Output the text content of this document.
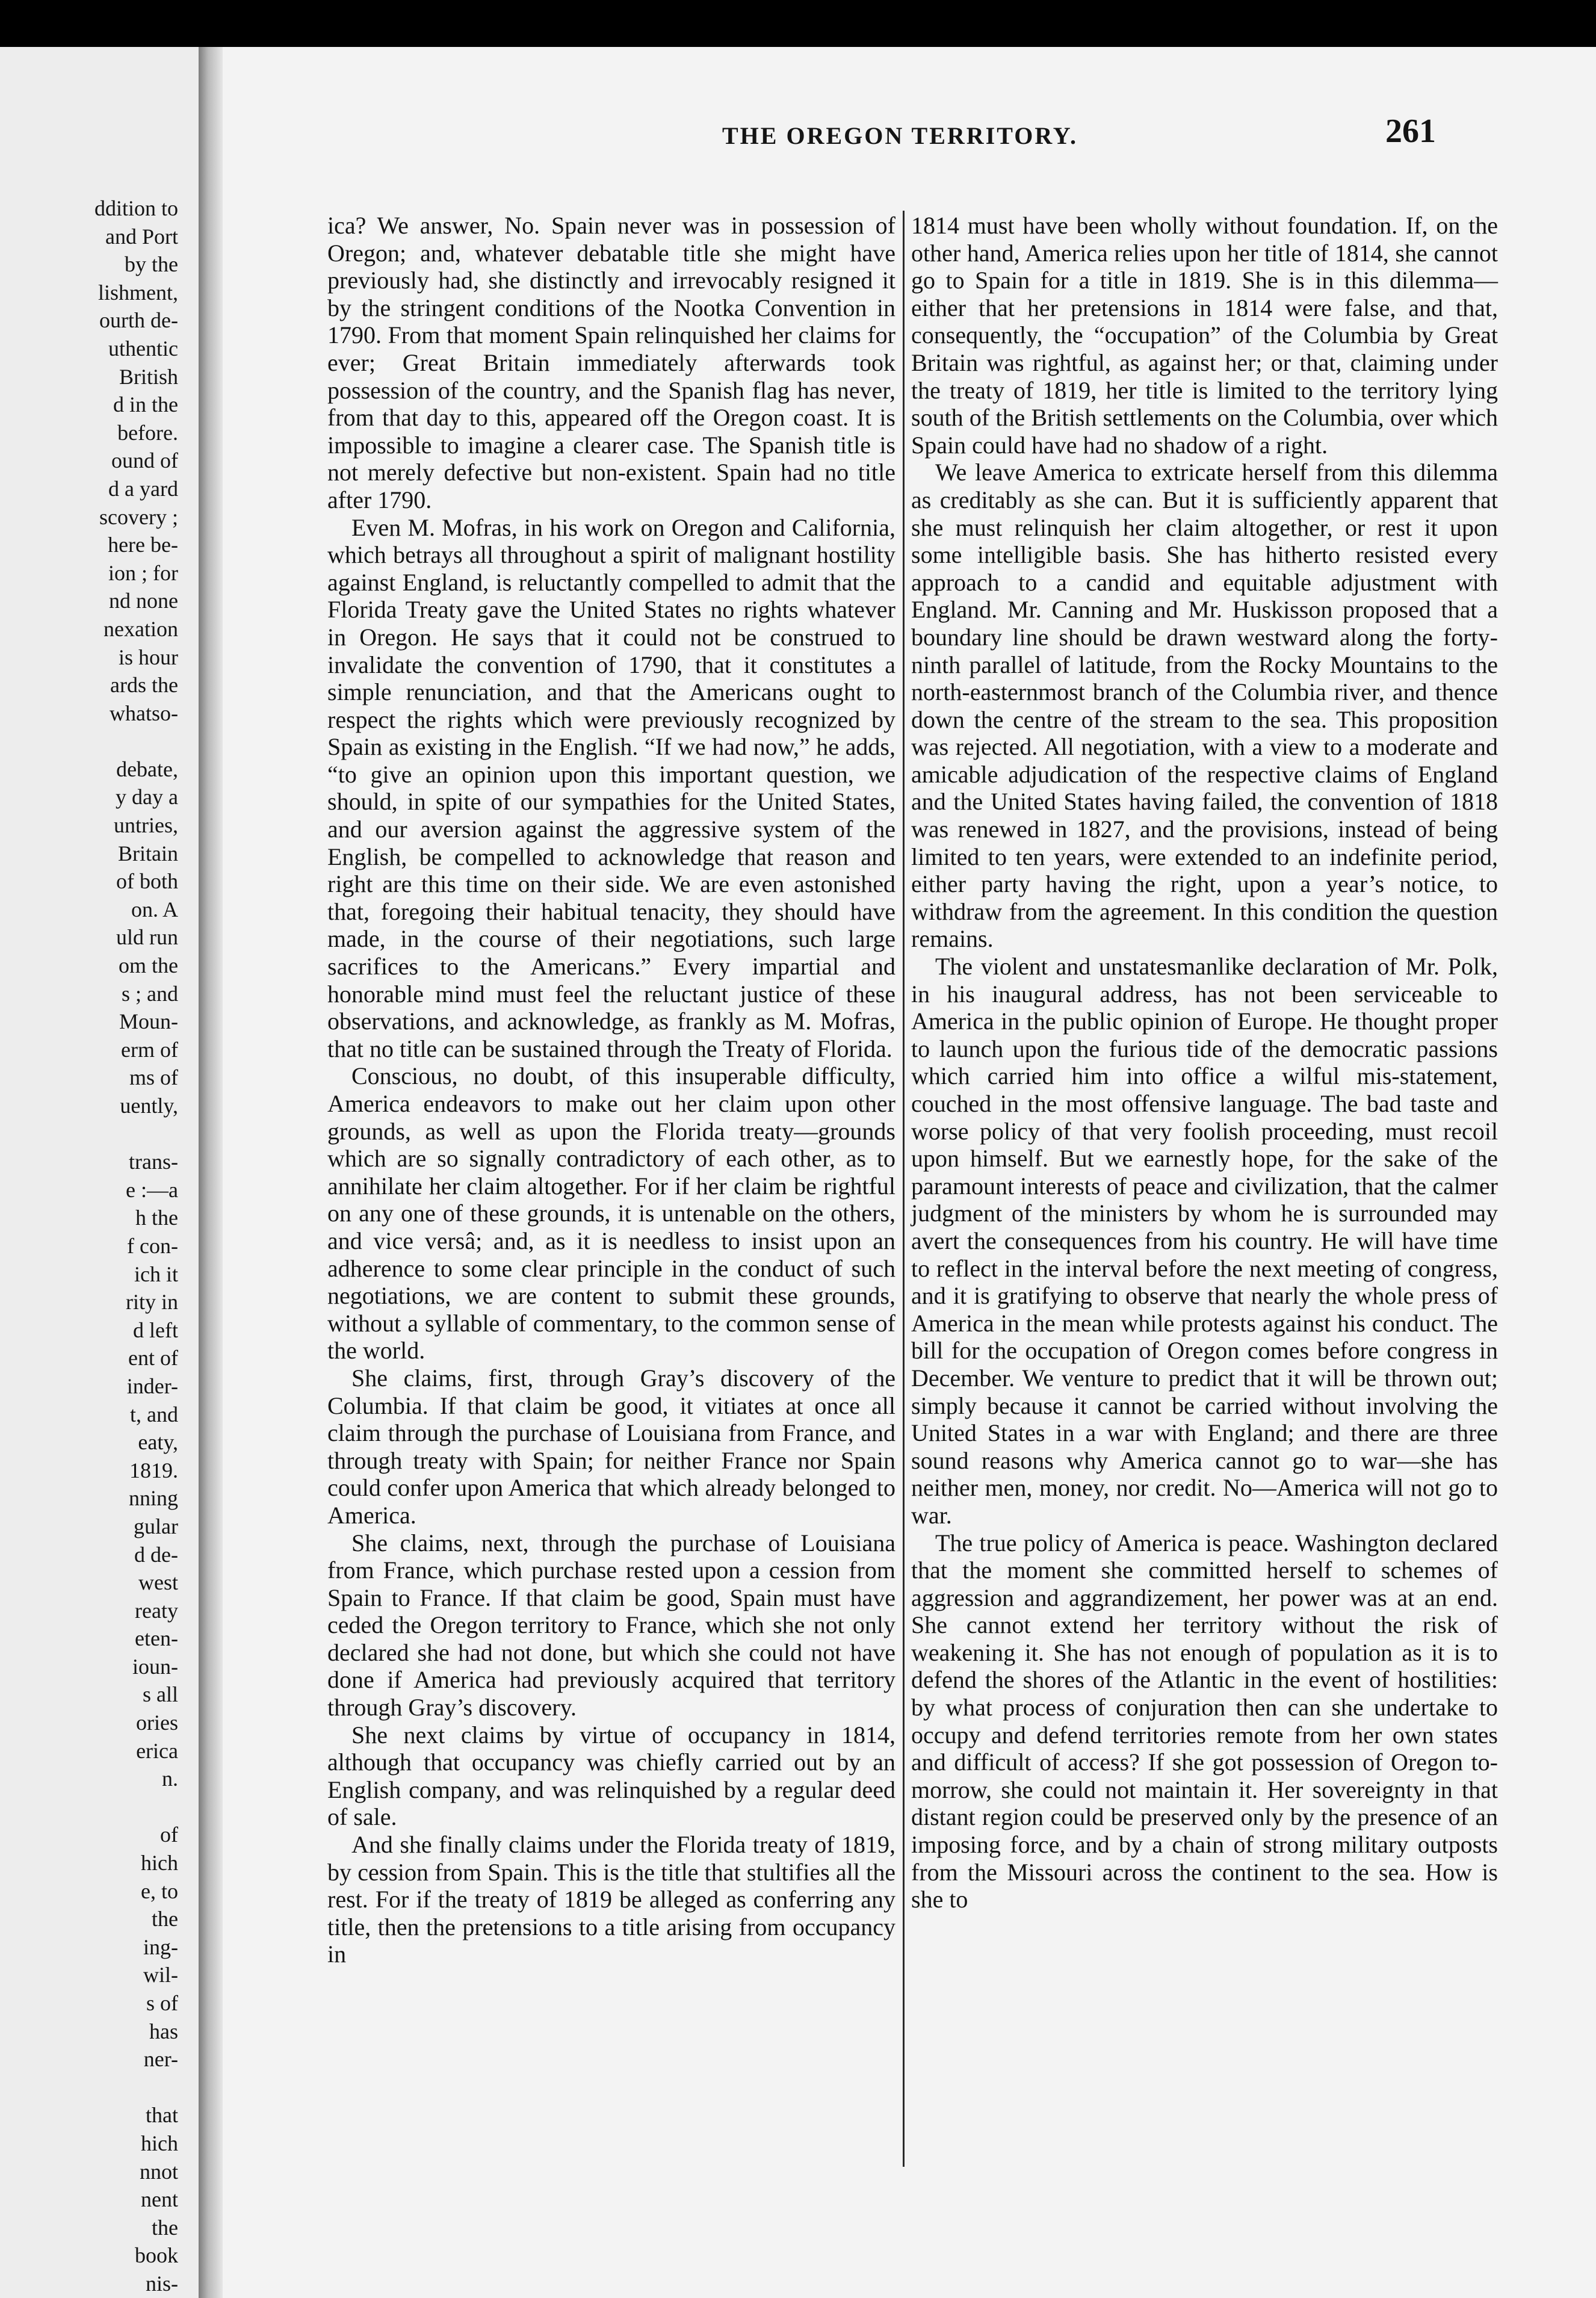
ddition to
and Port
by the
lishment,
ourth de-
uthentic
British
d in the
before.
ound of
d a yard
scovery ;
here be-
ion ; for
nd none
nexation
is hour
ards the
whatso-
debate,
y day a
untries,
Britain
of both
on. A
uld run
om the
s ; and
Moun-
erm of
ms of
uently,
trans-
e :—a
h the
f con-
ich it
rity in
d left
ent of
inder-
t, and
eaty,
1819.
nning
gular
d de-
west
reaty
eten-
ioun-
s all
ories
erica
n.
of
hich
e, to
the
ing-
wil-
s of
has
ner-
that
hich
nnot
nent
the
book
nis-
THE OREGON TERRITORY.	261

ica? We answer, No. Spain never was in possession of Oregon; and, whatever debatable title she might have previously had, she distinctly and irrevocably resigned it by the stringent conditions of the Nootka Convention in 1790. From that moment Spain relinquished her claims for ever; Great Britain immediately afterwards took possession of the country, and the Spanish flag has never, from that day to this, appeared off the Oregon coast. It is impossible to imagine a clearer case. The Spanish title is not merely defective but non-existent. Spain had no title after 1790.

Even M. Mofras, in his work on Oregon and California, which betrays all throughout a spirit of malignant hostility against England, is reluctantly compelled to admit that the Florida Treaty gave the United States no rights whatever in Oregon. He says that it could not be construed to invalidate the convention of 1790, that it constitutes a simple renunciation, and that the Americans ought to respect the rights which were previously recognized by Spain as existing in the English. “If we had now,” he adds, “to give an opinion upon this important question, we should, in spite of our sympathies for the United States, and our aversion against the aggressive system of the English, be compelled to acknowledge that reason and right are this time on their side. We are even astonished that, foregoing their habitual tenacity, they should have made, in the course of their negotiations, such large sacrifices to the Americans.” Every impartial and honorable mind must feel the reluctant justice of these observations, and acknowledge, as frankly as M. Mofras, that no title can be sustained through the Treaty of Florida.

Conscious, no doubt, of this insuperable difficulty, America endeavors to make out her claim upon other grounds, as well as upon the Florida treaty—grounds which are so signally contradictory of each other, as to annihilate her claim altogether. For if her claim be rightful on any one of these grounds, it is untenable on the others, and vice versâ; and, as it is needless to insist upon an adherence to some clear principle in the conduct of such negotiations, we are content to submit these grounds, without a syllable of commentary, to the common sense of the world.

She claims, first, through Gray’s discovery of the Columbia. If that claim be good, it vitiates at once all claim through the purchase of Louisiana from France, and through treaty with Spain; for neither France nor Spain could confer upon America that which already belonged to America.

She claims, next, through the purchase of Louisiana from France, which purchase rested upon a cession from Spain to France. If that claim be good, Spain must have ceded the Oregon territory to France, which she not only declared she had not done, but which she could not have done if America had previously acquired that territory through Gray’s discovery.

She next claims by virtue of occupancy in 1814, although that occupancy was chiefly carried out by an English company, and was relinquished by a regular deed of sale.

And she finally claims under the Florida treaty of 1819, by cession from Spain. This is the title that stultifies all the rest. For if the treaty of 1819 be alleged as conferring any title, then the pretensions to a title arising from occupancy in

1814 must have been wholly without foundation. If, on the other hand, America relies upon her title of 1814, she cannot go to Spain for a title in 1819. She is in this dilemma—either that her pretensions in 1814 were false, and that, consequently, the “occupation” of the Columbia by Great Britain was rightful, as against her; or that, claiming under the treaty of 1819, her title is limited to the territory lying south of the British settlements on the Columbia, over which Spain could have had no shadow of a right.

We leave America to extricate herself from this dilemma as creditably as she can. But it is sufficiently apparent that she must relinquish her claim altogether, or rest it upon some intelligible basis. She has hitherto resisted every approach to a candid and equitable adjustment with England. Mr. Canning and Mr. Huskisson proposed that a boundary line should be drawn westward along the forty-ninth parallel of latitude, from the Rocky Mountains to the north-easternmost branch of the Columbia river, and thence down the centre of the stream to the sea. This proposition was rejected. All negotiation, with a view to a moderate and amicable adjudication of the respective claims of England and the United States having failed, the convention of 1818 was renewed in 1827, and the provisions, instead of being limited to ten years, were extended to an indefinite period, either party having the right, upon a year’s notice, to withdraw from the agreement. In this condition the question remains.

The violent and unstatesmanlike declaration of Mr. Polk, in his inaugural address, has not been serviceable to America in the public opinion of Europe. He thought proper to launch upon the furious tide of the democratic passions which carried him into office a wilful mis-statement, couched in the most offensive language. The bad taste and worse policy of that very foolish proceeding, must recoil upon himself. But we earnestly hope, for the sake of the paramount interests of peace and civilization, that the calmer judgment of the ministers by whom he is surrounded may avert the consequences from his country. He will have time to reflect in the interval before the next meeting of congress, and it is gratifying to observe that nearly the whole press of America in the mean while protests against his conduct. The bill for the occupation of Oregon comes before congress in December. We venture to predict that it will be thrown out; simply because it cannot be carried without involving the United States in a war with England; and there are three sound reasons why America cannot go to war—she has neither men, money, nor credit. No—America will not go to war.

The true policy of America is peace. Washington declared that the moment she committed herself to schemes of aggression and aggrandizement, her power was at an end. She cannot extend her territory without the risk of weakening it. She has not enough of population as it is to defend the shores of the Atlantic in the event of hostilities: by what process of conjuration then can she undertake to occupy and defend territories remote from her own states and difficult of access? If she got possession of Oregon to-morrow, she could not maintain it. Her sovereignty in that distant region could be preserved only by the presence of an imposing force, and by a chain of strong military outposts from the Missouri across the continent to the sea. How is she to
